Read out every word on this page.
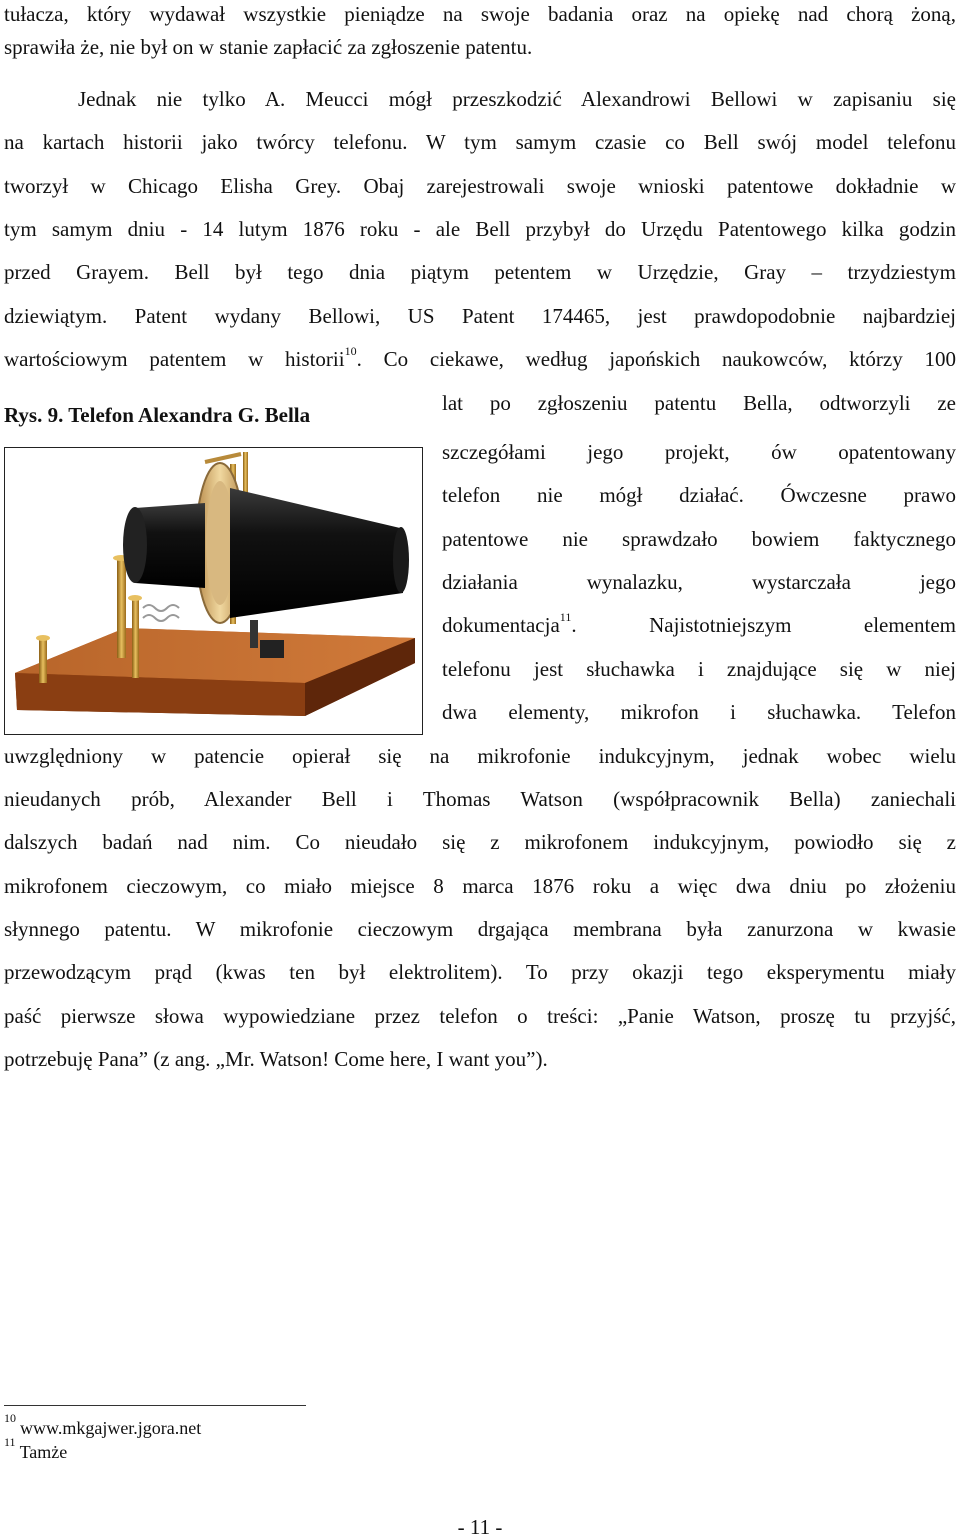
tułacza, który wydawał wszystkie pieniądze na swoje badania oraz na opiekę nad chorą żoną,
sprawiła że, nie był on w stanie zapłacić za zgłoszenie patentu.
Jednak nie tylko A. Meucci mógł przeszkodzić Alexandrowi Bellowi w zapisaniu się
na kartach historii jako twórcy telefonu. W tym samym czasie co Bell swój model telefonu
tworzył w Chicago Elisha Grey. Obaj zarejestrowali swoje wnioski patentowe dokładnie w
tym samym dniu - 14 lutym 1876 roku - ale Bell przybył do Urzędu Patentowego kilka godzin
przed Grayem. Bell był tego dnia piątym petentem w Urzędzie, Gray – trzydziestym
dziewiątym. Patent wydany Bellowi, US Patent 174465, jest prawdopodobnie najbardziej
wartościowym patentem w historii$^{10}$. Co ciekawe, według japońskich naukowców, którzy 100
Rys. 9. Telefon Alexandra G. Bella	lat po zgłoszeniu patentu Bella, odtworzyli ze
szczegółami jego projekt, ów opatentowany
telefon nie mógł działać. Ówczesne prawo
patentowe nie sprawdzało bowiem faktycznego
działania wynalazku, wystarczała jego
dokumentacja$^{11}$. Najistotniejszym elementem
telefonu jest słuchawka i znajdujące się w niej
dwa elementy, mikrofon i słuchawka. Telefon
uwzględniony w patencie opierał się na mikrofonie indukcyjnym, jednak wobec wielu
nieudanych prób, Alexander Bell i Thomas Watson (współpracownik Bella) zaniechali
dalszych badań nad nim. Co nieudało się z mikrofonem indukcyjnym, powiodło się z
mikrofonem cieczowym, co miało miejsce 8 marca 1876 roku a więc dwa dniu po złożeniu
słynnego patentu. W mikrofonie cieczowym drgająca membrana była zanurzona w kwasie
przewodzącym prąd (kwas ten był elektrolitem). To przy okazji tego eksperymentu miały
paść pierwsze słowa wypowiedziane przez telefon o treści: „Panie Watson, proszę tu przyjść,
potrzebuję Pana” (z ang. „Mr. Watson! Come here, I want you”).
$^{10}$ www.mkgajwer.jgora.net
$^{11}$ Tamże
- 11 -
